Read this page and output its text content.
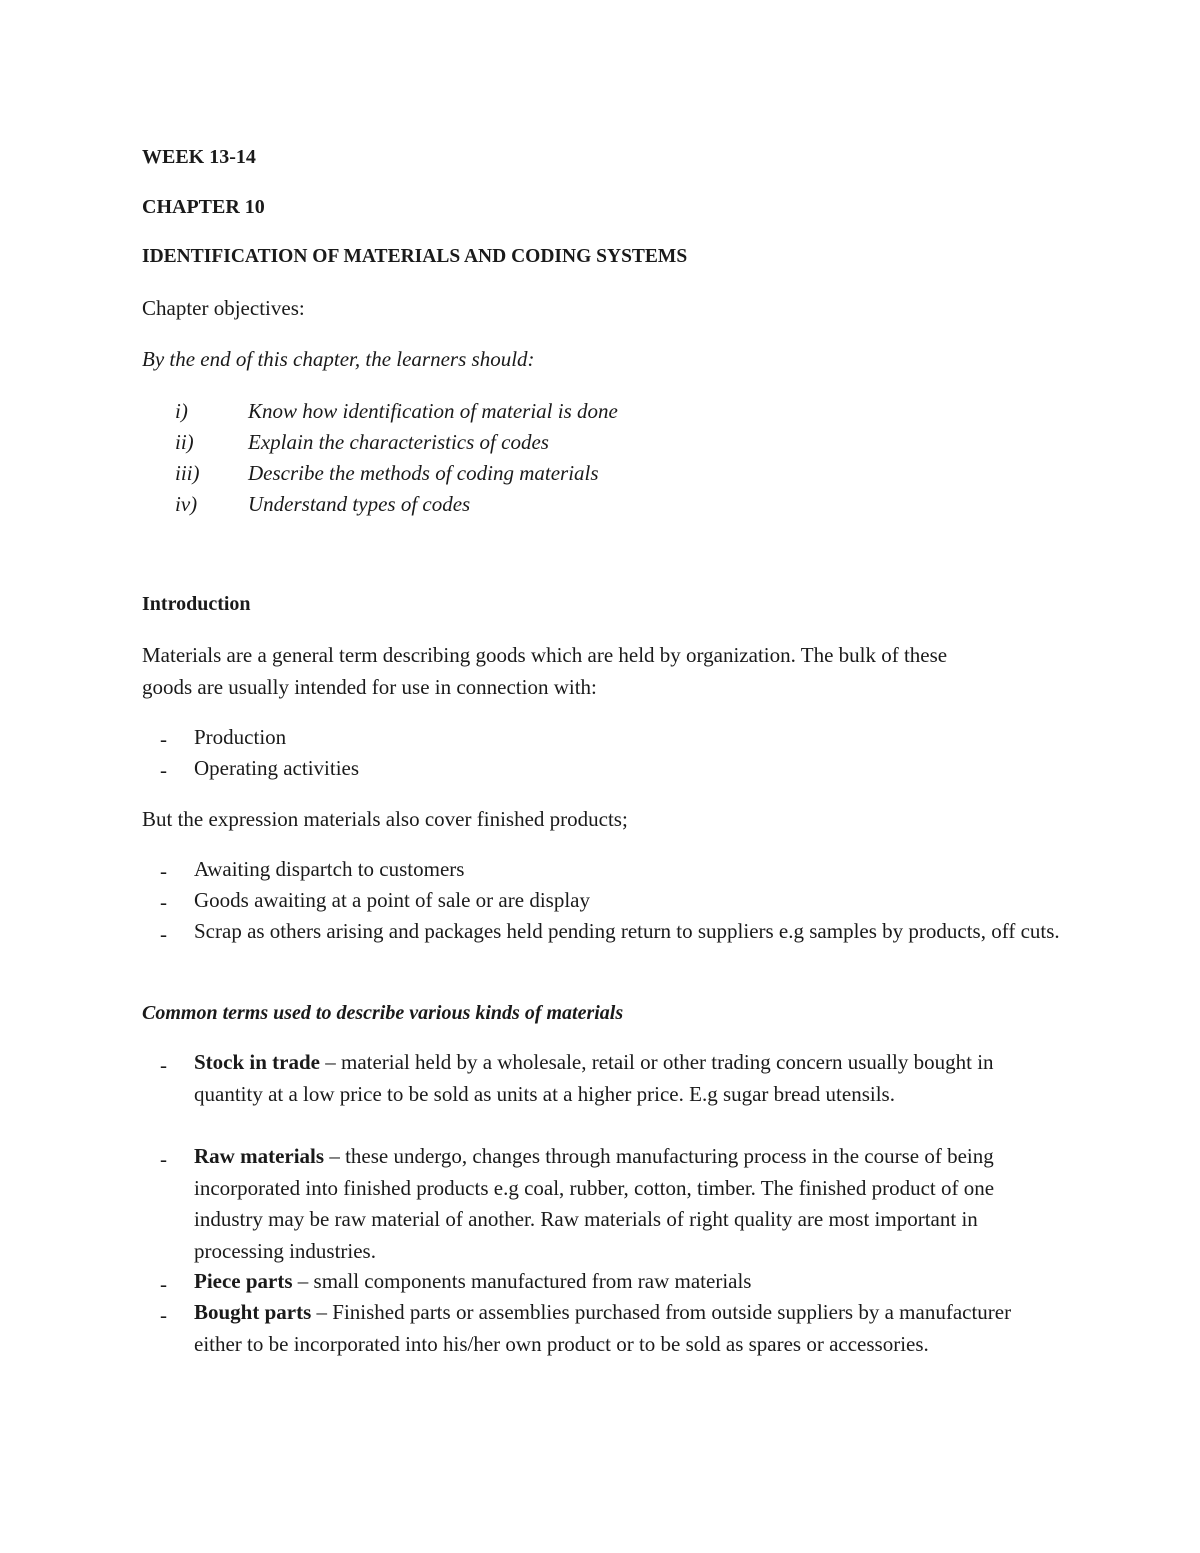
WEEK 13-14
CHAPTER 10
IDENTIFICATION OF MATERIALS AND CODING SYSTEMS
Chapter objectives:
By the end of this chapter, the learners should:
i)	Know how identification of material is done
ii)	Explain the characteristics of codes
iii) Describe the methods of coding materials
iv) Understand types of codes
Introduction
Materials are a general term describing goods which are held by organization. The bulk of these
goods are usually intended for use in connection with:
- Production
- Operating activities
But the expression materials also cover finished products;
- Awaiting dispartch to customers
- Goods awaiting at a point of sale or are display
- Scrap as others arising and packages held pending return to suppliers e.g samples by products, off cuts.
Common terms used to describe various kinds of materials
- Stock in trade – material held by a wholesale, retail or other trading concern usually bought in quantity at a low price to be sold as units at a higher price. E.g sugar bread utensils.
- Raw materials – these undergo, changes through manufacturing process in the course of being incorporated into finished products e.g coal, rubber, cotton, timber. The finished product of one industry may be raw material of another. Raw materials of right quality are most important in processing industries.
- Piece parts – small components manufactured from raw materials
- Bought parts – Finished parts or assemblies purchased from outside suppliers by a manufacturer either to be incorporated into his/her own product or to be sold as spares or accessories.
